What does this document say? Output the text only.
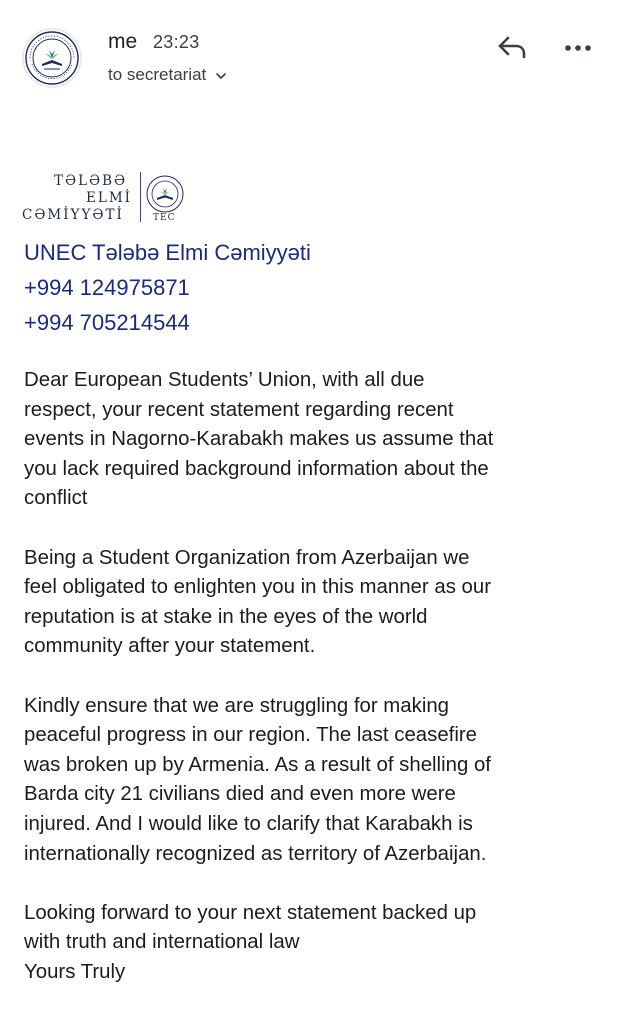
me 23:23
to secretariat
TƏLƏBƏ
ELMİ
CƏMİYYƏTİ	TEC
UNEC Tələbə Elmi Cəmiyyəti
+994 124975871
+994 705214544

Dear European Students’ Union, with all due
respect, your recent statement regarding recent
events in Nagorno-Karabakh makes us assume that
you lack required background information about the
conflict

Being a Student Organization from Azerbaijan we
feel obligated to enlighten you in this manner as our
reputation is at stake in the eyes of the world
community after your statement.

Kindly ensure that we are struggling for making
peaceful progress in our region. The last ceasefire
was broken up by Armenia. As a result of shelling of
Barda city 21 civilians died and even more were
injured. And I would like to clarify that Karabakh is
internationally recognized as territory of Azerbaijan.

Looking forward to your next statement backed up
with truth and international law
Yours Truly
